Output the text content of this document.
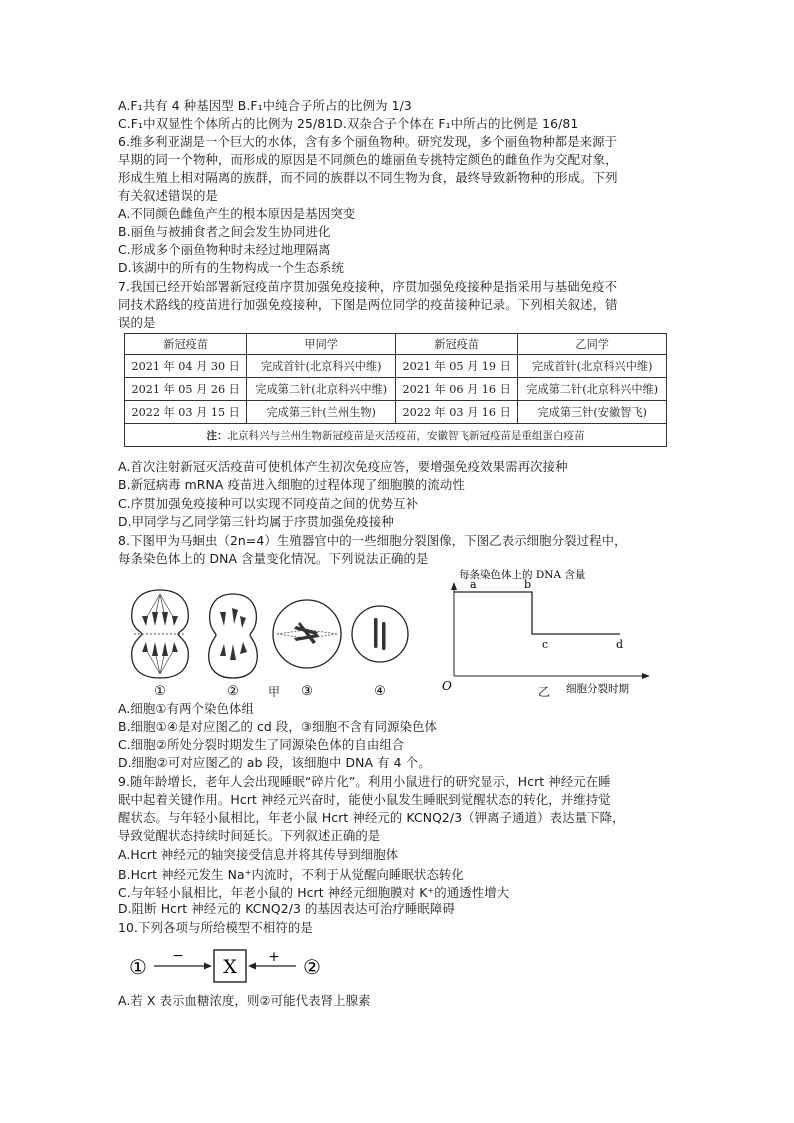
A.F₁共有 4 种基因型 B.F₁中纯合子所占的比例为 1/3
C.F₁中双显性个体所占的比例为 25/81D.双杂合子个体在 F₁中所占的比例是 16/81
6.维多利亚湖是一个巨大的水体，含有多个丽鱼物种。研究发现，多个丽鱼物种都是来源于
早期的同一个物种，而形成的原因是不同颜色的雄丽鱼专挑特定颜色的雌鱼作为交配对象，
形成生殖上相对隔离的族群，而不同的族群以不同生物为食，最终导致新物种的形成。下列
有关叙述错误的是
A.不同颜色雌鱼产生的根本原因是基因突变
B.丽鱼与被捕食者之间会发生协同进化
C.形成多个丽鱼物种时未经过地理隔离
D.该湖中的所有的生物构成一个生态系统
7.我国已经开始部署新冠疫苗序贯加强免疫接种，序贯加强免疫接种是指采用与基础免疫不
同技术路线的疫苗进行加强免疫接种，下图是两位同学的疫苗接种记录。下列相关叙述，错
误的是
新冠疫苗	甲同学	新冠疫苗	乙同学
2021 年 04 月 30 日	完成首针(北京科兴中维)	2021 年 05 月 19 日	完成首针(北京科兴中维)
2021 年 05 月 26 日	完成第二针(北京科兴中维)	2021 年 06 月 16 日	完成第二针(北京科兴中维)
2022 年 03 月 15 日	完成第三针(兰州生物)	2022 年 03 月 16 日	完成第三针(安徽智飞)
注：北京科兴与兰州生物新冠疫苗是灭活疫苗，安徽智飞新冠疫苗是重组蛋白疫苗			
A.首次注射新冠灭活疫苗可使机体产生初次免疫应答，要增强免疫效果需再次接种
B.新冠病毒 mRNA 疫苗进入细胞的过程体现了细胞膜的流动性
C.序贯加强免疫接种可以实现不同疫苗之间的优势互补
D.甲同学与乙同学第三针均属于序贯加强免疫接种
8.下图甲为马蛔虫（2n=4）生殖器官中的一些细胞分裂图像，下图乙表示细胞分裂过程中，
每条染色体上的 DNA 含量变化情况。下列说法正确的是
①	②	③	④
甲
每条染色体上的 DNA 含量
细胞分裂时期
O
a	b
c	d
乙
A.细胞①有两个染色体组
B.细胞①④是对应图乙的 cd 段，③细胞不含有同源染色体
C.细胞②所处分裂时期发生了同源染色体的自由组合
D.细胞②可对应图乙的 ab 段，该细胞中 DNA 有 4 个。
9.随年龄增长，老年人会出现睡眠“碎片化”。利用小鼠进行的研究显示，Hcrt 神经元在睡
眠中起着关键作用。Hcrt 神经元兴奋时，能使小鼠发生睡眠到觉醒状态的转化，并维持觉
醒状态。与年轻小鼠相比，年老小鼠 Hcrt 神经元的 KCNQ2/3（钾离子通道）表达量下降，
导致觉醒状态持续时间延长。下列叙述正确的是
A.Hcrt 神经元的轴突接受信息并将其传导到细胞体
B.Hcrt 神经元发生 Na+内流时，不利于从觉醒向睡眠状态转化
C.与年轻小鼠相比，年老小鼠的 Hcrt 神经元细胞膜对 K+的通透性增大
D.阻断 Hcrt 神经元的 KCNQ2/3 的基因表达可治疗睡眠障碍
10.下列各项与所给模型不相符的是
① − X + ②
A.若 X 表示血糖浓度，则②可能代表肾上腺素
